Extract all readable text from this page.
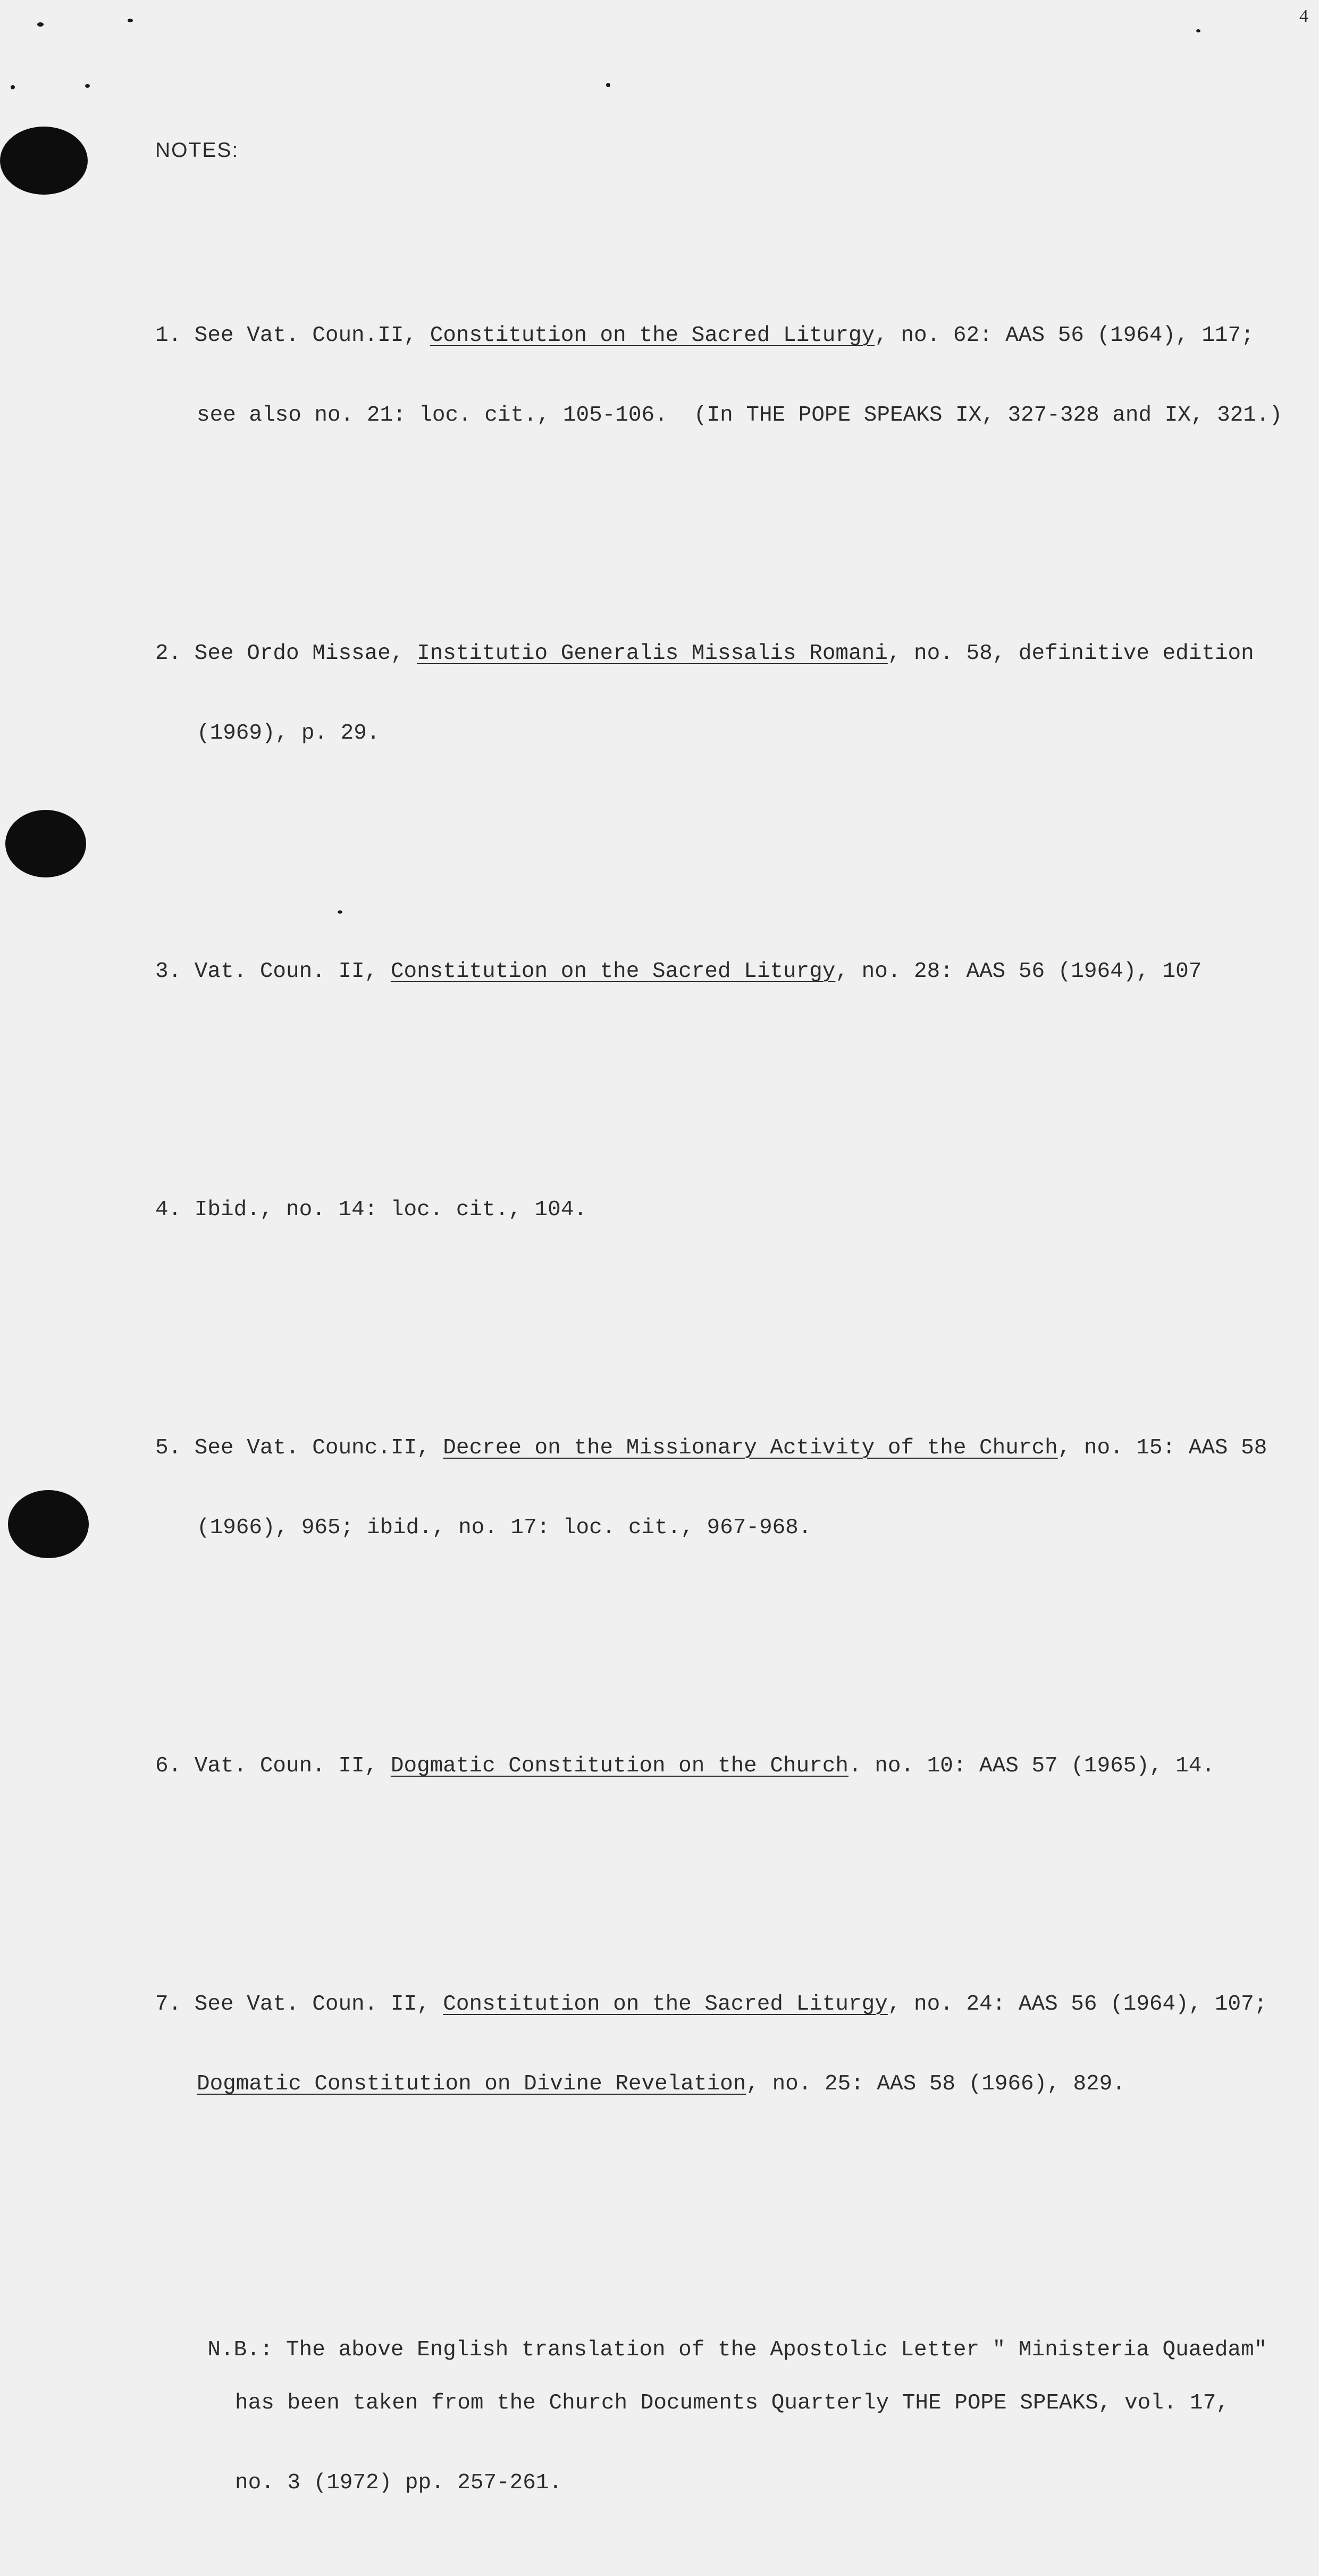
4

NOTES:

1. See Vat. Coun.II, Constitution on the Sacred Liturgy, no. 62: AAS 56 (1964), 117;

see also no. 21: loc. cit., 105-106.  (In THE POPE SPEAKS IX, 327-328 and IX, 321.)

2. See Ordo Missae, Institutio Generalis Missalis Romani, no. 58, definitive edition

(1969), p. 29.

3. Vat. Coun. II, Constitution on the Sacred Liturgy, no. 28: AAS 56 (1964), 107

4. Ibid., no. 14: loc. cit., 104.

5. See Vat. Counc.II, Decree on the Missionary Activity of the Church, no. 15: AAS 58

(1966), 965; ibid., no. 17: loc. cit., 967-968.

6. Vat. Coun. II, Dogmatic Constitution on the Church. no. 10: AAS 57 (1965), 14.

7. See Vat. Coun. II, Constitution on the Sacred Liturgy, no. 24: AAS 56 (1964), 107;

Dogmatic Constitution on Divine Revelation, no. 25: AAS 58 (1966), 829.

N.B.: The above English translation of the Apostolic Letter " Ministeria Quaedam"

has been taken from the Church Documents Quarterly THE POPE SPEAKS, vol. 17,

no. 3 (1972) pp. 257-261.
